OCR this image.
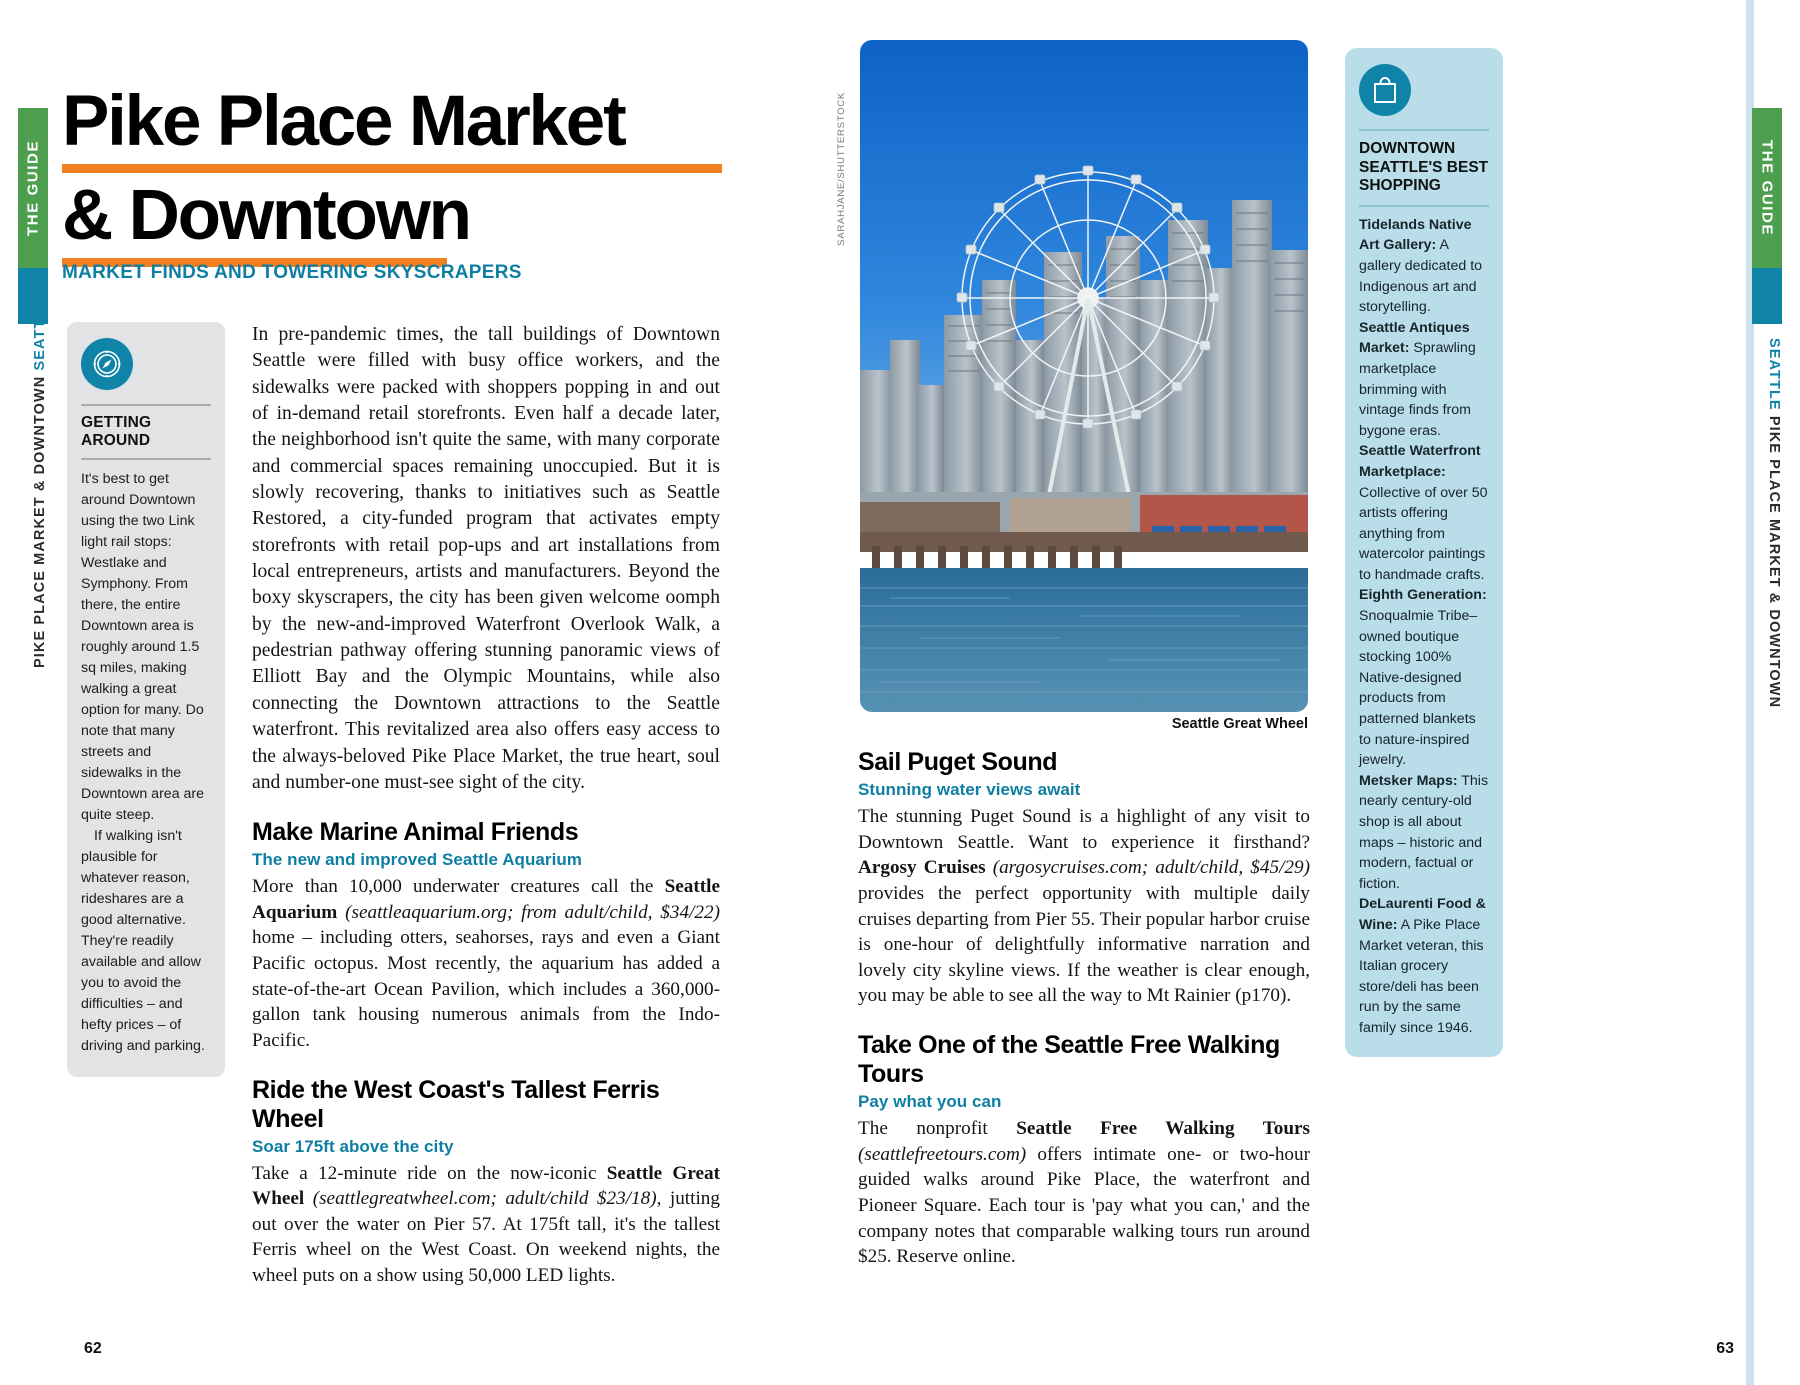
THE GUIDE
PIKE PLACE MARKET & DOWNTOWN SEATTLE
Pike Place Market
& Downtown
MARKET FINDS AND TOWERING SKYSCRAPERS
GETTING AROUND

It's best to get around Downtown using the two Link light rail stops: Westlake and Symphony. From there, the entire Downtown area is roughly around 1.5 sq miles, making walking a great option for many. Do note that many streets and sidewalks in the Downtown area are quite steep.

If walking isn't plausible for whatever reason, rideshares are a good alternative. They're readily available and allow you to avoid the difficulties – and hefty prices – of driving and parking.

In pre-pandemic times, the tall buildings of Downtown Seattle were filled with busy office workers, and the sidewalks were packed with shoppers popping in and out of in-demand retail storefronts. Even half a decade later, the neighborhood isn't quite the same, with many corporate and commercial spaces remaining unoccupied. But it is slowly recovering, thanks to initiatives such as Seattle Restored, a city-funded program that activates empty storefronts with retail pop-ups and art installations from local entrepreneurs, artists and manufacturers. Beyond the boxy skyscrapers, the city has been given welcome oomph by the new-and-improved Waterfront Overlook Walk, a pedestrian pathway offering stunning panoramic views of Elliott Bay and the Olympic Mountains, while also connecting the Downtown attractions to the Seattle waterfront. This revitalized area also offers easy access to the always-beloved Pike Place Market, the true heart, soul and number-one must-see sight of the city.

Make Marine Animal Friends
The new and improved Seattle Aquarium

More than 10,000 underwater creatures call the Seattle Aquarium (seattleaquarium.org; from adult/child, $34/22) home – including otters, seahorses, rays and even a Giant Pacific octopus. Most recently, the aquarium has added a state-of-the-art Ocean Pavilion, which includes a 360,000-gallon tank housing numerous animals from the Indo-Pacific.

Ride the West Coast's Tallest Ferris Wheel
Soar 175ft above the city

Take a 12-minute ride on the now-iconic Seattle Great Wheel (seattlegreatwheel.com; adult/child $23/18), jutting out over the water on Pier 57. At 175ft tall, it's the tallest Ferris wheel on the West Coast. On weekend nights, the wheel puts on a show using 50,000 LED lights.

62
SARAHJANE/SHUTTERSTOCK
Seattle Great Wheel
Sail Puget Sound
Stunning water views await

The stunning Puget Sound is a highlight of any visit to Downtown Seattle. Want to experience it firsthand? Argosy Cruises (argosycruises.com; adult/child, $45/29) provides the perfect opportunity with multiple daily cruises departing from Pier 55. Their popular harbor cruise is one-hour of delightfully informative narration and lovely city skyline views. If the weather is clear enough, you may be able to see all the way to Mt Rainier (p170).

Take One of the Seattle Free Walking Tours
Pay what you can

The nonprofit Seattle Free Walking Tours (seattlefreetours.com) offers intimate one- or two-hour guided walks around Pike Place, the waterfront and Pioneer Square. Each tour is 'pay what you can,' and the company notes that comparable walking tours run around $25. Reserve online.

DOWNTOWN SEATTLE'S BEST SHOPPING

Tidelands Native Art Gallery: A gallery dedicated to Indigenous art and storytelling.

Seattle Antiques Market: Sprawling marketplace brimming with vintage finds from bygone eras.

Seattle Waterfront Marketplace: Collective of over 50 artists offering anything from watercolor paintings to handmade crafts.

Eighth Generation: Snoqualmie Tribe–owned boutique stocking 100% Native-designed products from patterned blankets to nature-inspired jewelry.

Metsker Maps: This nearly century-old shop is all about maps – historic and modern, factual or fiction.

DeLaurenti Food & Wine: A Pike Place Market veteran, this Italian grocery store/deli has been run by the same family since 1946.

THE GUIDE
SEATTLE PIKE PLACE MARKET & DOWNTOWN
63
